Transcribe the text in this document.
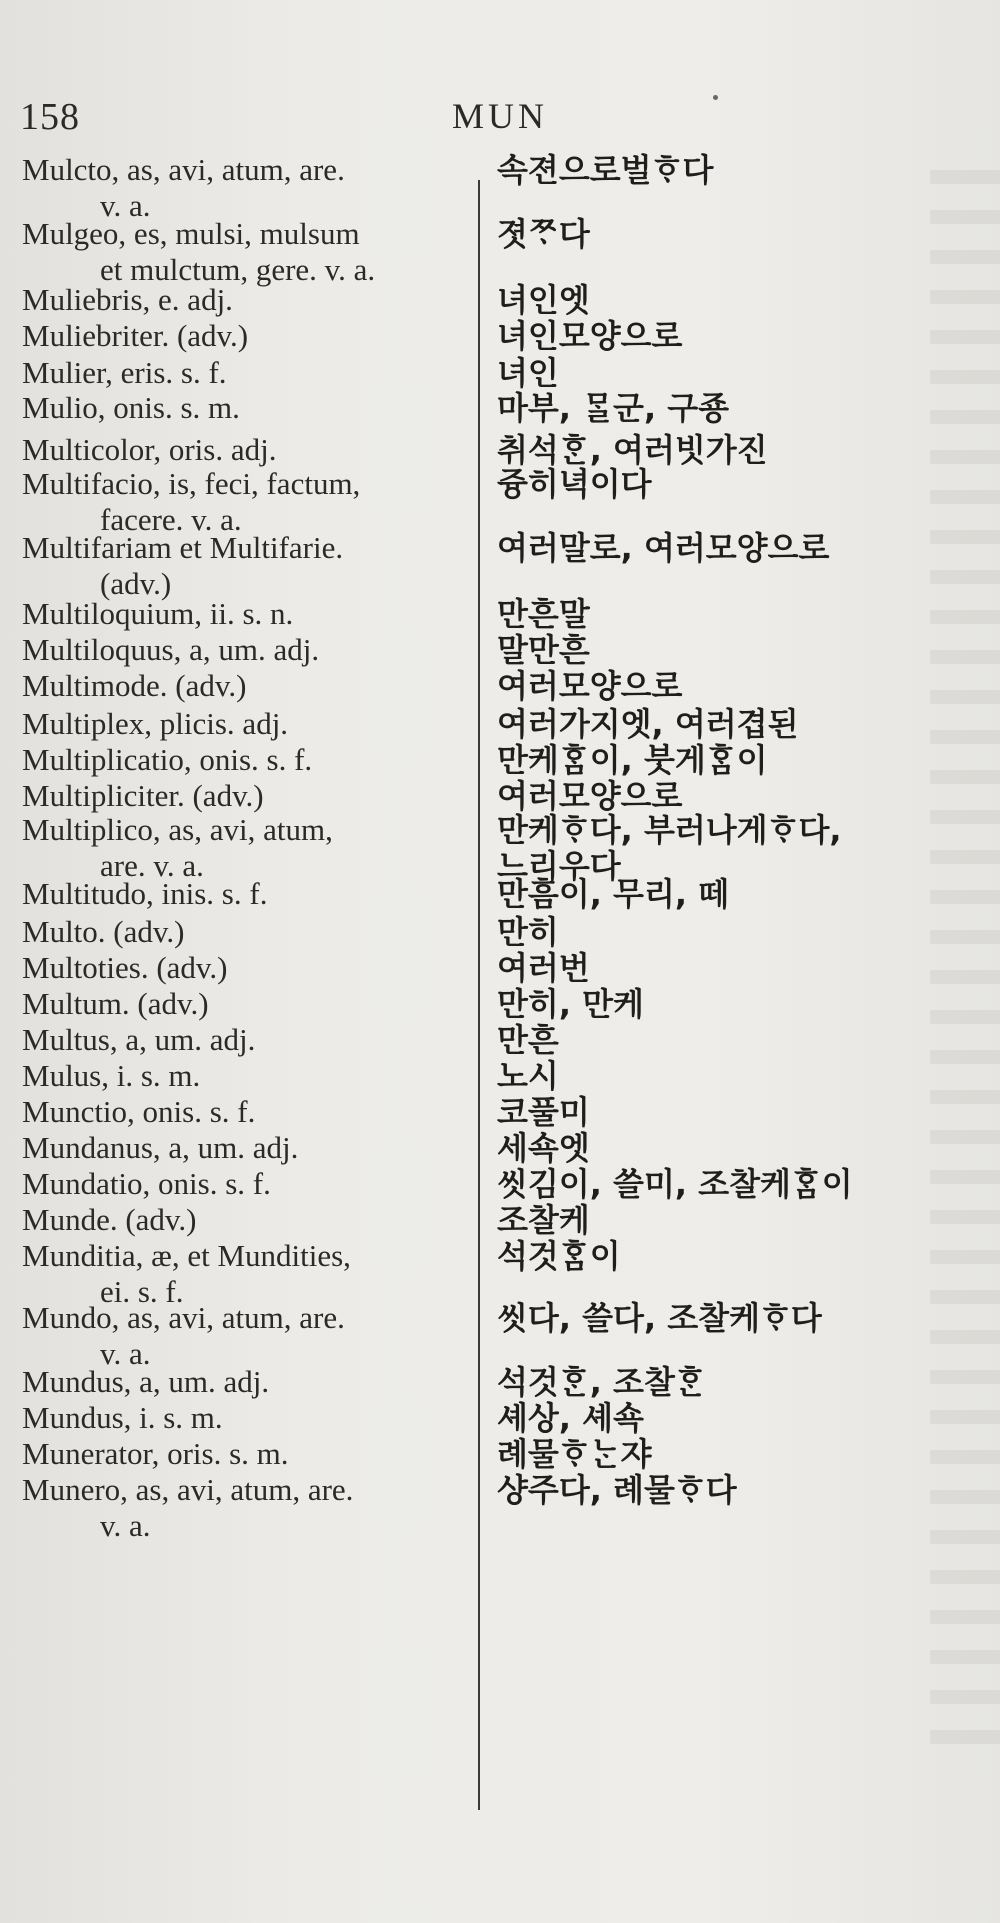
158	MUN
Mulcto, as, avi, atum, are.
v. a.
속젼으로벌ᄒᆞ다
Mulgeo, es, mulsi, mulsum
et mulctum, gere. v. a.
졋ᄍᆞ다
Muliebris, e. adj.	녀인엣
Muliebriter. (adv.)	녀인모양으로
Mulier, eris. s. f.	녀인
Mulio, onis. s. m.	마부, ᄆᆞᆯ군, 구죵
Multicolor, oris. adj.	취석ᄒᆞᆫ, 여러빗가진
Multifacio, is, feci, factum,
facere. v. a.
즁히녁이다
Multifariam et Multifarie.
(adv.)
여러말로, 여러모양으로
Multiloquium, ii. s. n.	만흔말
Multiloquus, a, um. adj.	말만흔
Multimode. (adv.)	여러모양으로
Multiplex, plicis. adj.	여러가지엣, 여러겹된
Multiplicatio, onis. s. f.	만케ᄒᆞᆷ이, 붓게ᄒᆞᆷ이
Multipliciter. (adv.)	여러모양으로
Multiplico, as, avi, atum,
are. v. a.
만케ᄒᆞ다, 부러나게ᄒᆞ다,
느리우다
Multitudo, inis. s. f.	만흠이, 무리, 떼
Multo. (adv.)	만히
Multoties. (adv.)	여러번
Multum. (adv.)	만히, 만케
Multus, a, um. adj.	만흔
Mulus, i. s. m.	노시
Munctio, onis. s. f.	코풀미
Mundanus, a, um. adj.	세쇽엣
Mundatio, onis. s. f.	씻김이, 쓸미, 조찰케ᄒᆞᆷ이
Munde. (adv.)	조찰케
Munditia, æ, et Mundities,
ei. s. f.
석것ᄒᆞᆷ이
Mundo, as, avi, atum, are.
v. a.
씻다, 쓸다, 조찰케ᄒᆞ다
Mundus, a, um. adj.	석것ᄒᆞᆫ, 조찰ᄒᆞᆫ
Mundus, i. s. m.	셰상, 셰쇽
Munerator, oris. s. m.	례물ᄒᆞᄂᆞᆫ쟈
Munero, as, avi, atum, are.
v. a.
샹주다, 례물ᄒᆞ다
